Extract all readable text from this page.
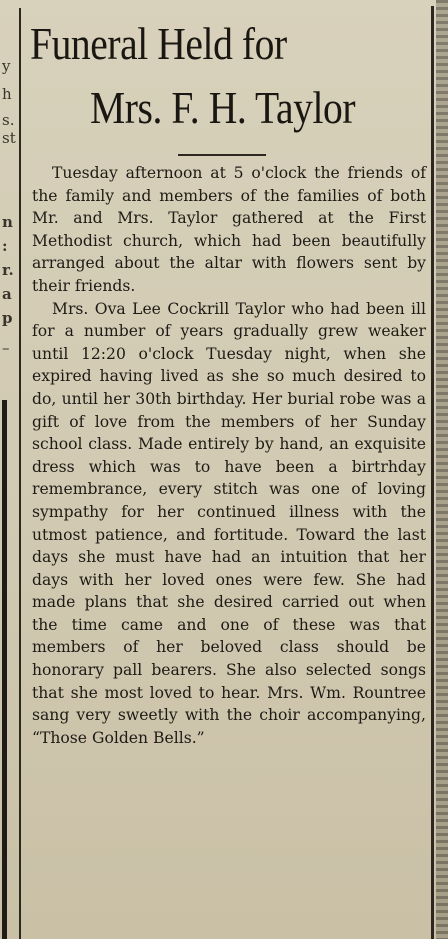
y
h
s.
st
n
:
r.
a
p
–
Funeral Held for
Mrs. F. H. Taylor

Tuesday afternoon at 5 o'clock the friends of the family and members of the families of both Mr. and Mrs. Taylor gathered at the First Methodist church, which had been beautifully arranged about the altar with flowers sent by their friends.

Mrs. Ova Lee Cockrill Taylor who had been ill for a number of years gradually grew weaker until 12:20 o'clock Tuesday night, when she expired having lived as she so much desired to do, until her 30th birthday. Her burial robe was a gift of love from the members of her Sunday school class. Made entirely by hand, an exquisite dress which was to have been a birtrhday remembrance, every stitch was one of loving sympathy for her continued illness with the utmost patience, and fortitude. Toward the last days she must have had an intuition that her days with her loved ones were few. She had made plans that she desired carried out when the time came and one of these was that members of her beloved class should be honorary pall bearers. She also selected songs that she most loved to hear. Mrs. Wm. Rountree sang very sweetly with the choir accompanying, “Those Golden Bells.”
